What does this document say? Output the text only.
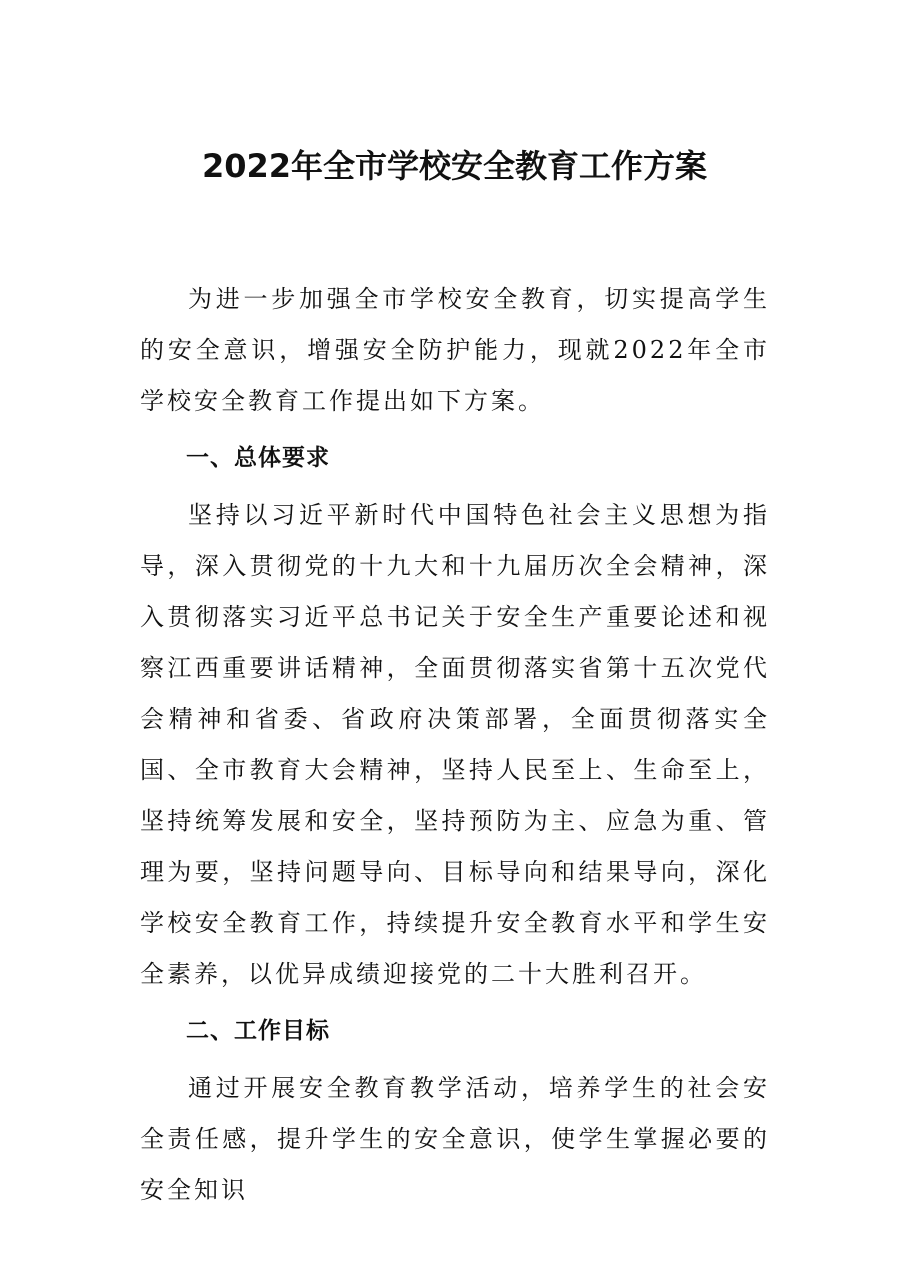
2022年全市学校安全教育工作方案

为进一步加强全市学校安全教育，切实提高学生的安全意识，增强安全防护能力，现就2022年全市学校安全教育工作提出如下方案。

一、总体要求

坚持以习近平新时代中国特色社会主义思想为指导，深入贯彻党的十九大和十九届历次全会精神，深入贯彻落实习近平总书记关于安全生产重要论述和视察江西重要讲话精神，全面贯彻落实省第十五次党代会精神和省委、省政府决策部署，全面贯彻落实全国、全市教育大会精神，坚持人民至上、生命至上，坚持统筹发展和安全，坚持预防为主、应急为重、管理为要，坚持问题导向、目标导向和结果导向，深化学校安全教育工作，持续提升安全教育水平和学生安全素养，以优异成绩迎接党的二十大胜利召开。

二、工作目标

通过开展安全教育教学活动，培养学生的社会安全责任感，提升学生的安全意识，使学生掌握必要的安全知识
